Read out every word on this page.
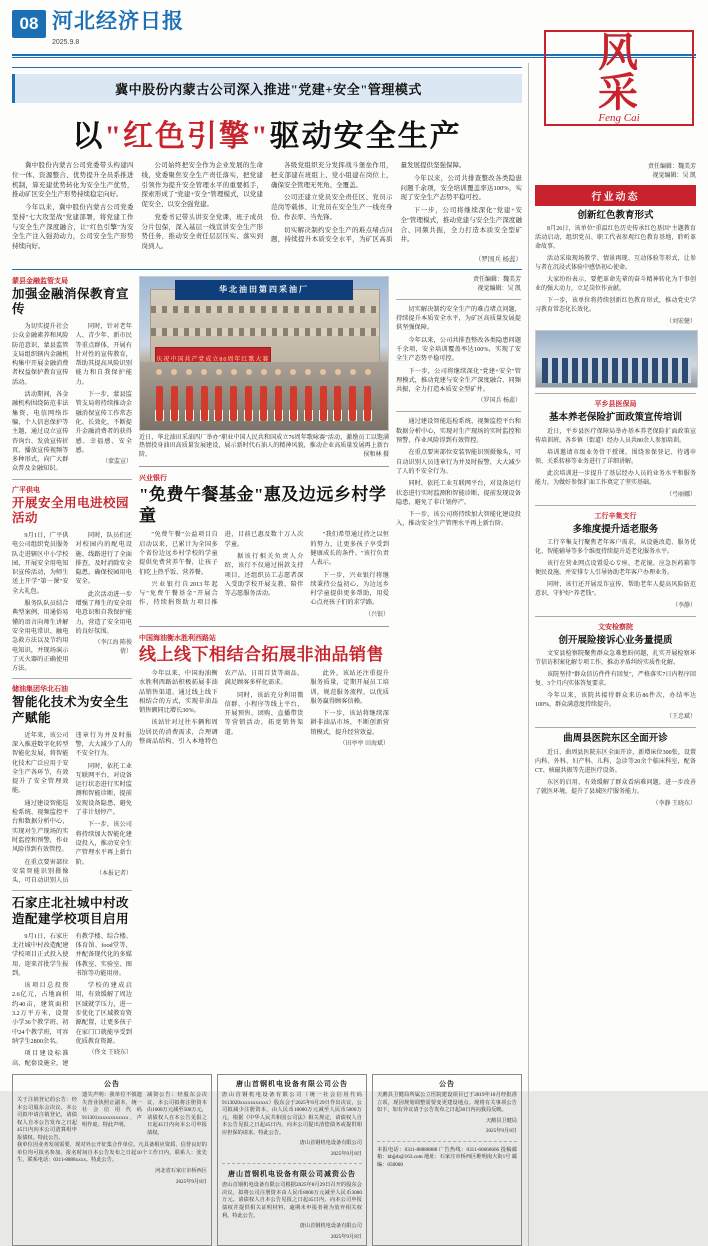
08 河北经济日报
2025.9.8	风
采
Feng Cai
冀中股份内蒙古公司深入推进"党建+安全"管理模式
以"红色引擎"驱动安全生产

冀中股份内蒙古公司党委带头构建四位一体、资源整合、优势提升全员系推进机制，算充建优势转化为安全生产优势，推动矿区安全生产形势持续稳定向好。

今年以来，冀中股份内蒙古公司党委坚持"七大攻坚战"党建部署，将党建工作与安全生产深度融合，让"红色引擎"为安全生产注入强劲动力，公司安全生产形势持续向好。

公司始终把安全作为企业发展的生命线，党委聚焦安全生产责任落实，把党建引领作为提升安全管理水平的重要抓手，探索形成了"党建+安全"管理模式，以党建促安全、以安全强党建。

党委书记带头讲安全党课，班子成员分片包保，深入基层一线宣讲安全生产形势任务，推动安全责任层层压实、落实到岗到人。

各级党组织充分发挥战斗堡垒作用，把支部建在班组上、党小组建在岗位上，确保安全管理无死角、全覆盖。

公司还建立党员安全责任区、党员示范岗等载体，让党员在安全生产一线亮身份、作表率、当先锋。

切实解决制约安全生产的难点堵点问题，持续提升本质安全水平，为矿区高质量发展提供坚强保障。

今年以来，公司共排查整改各类隐患问题千余项，安全培训覆盖率达100%，实现了安全生产态势平稳可控。

下一步，公司将继续深化"党建+安全"管理模式，推动党建与安全生产深度融合、同频共振，全力打造本质安全型矿井。

（罗国兵 杨蕊）
蒙县金融监管支局
加强金融消保教育宣传

为切实提升社会公众金融素养和风险防范意识，蒙县监管支局组织辖内金融机构集中开展金融消费者权益保护教育宣传活动。

活动期间，各金融机构围绕防范非法集资、电信网络诈骗、个人信息保护等主题，通过设立宣传咨询台、发放宣传折页、播放宣传视频等多种形式，向广大群众普及金融知识。

同时，针对老年人、青少年、新市民等重点群体，开展有针对性的宣传教育，帮助其提高风险识别能力和自我保护能力。

下一步，蒙县监管支局将持续推动金融消保宣传工作常态化、长效化，不断提升金融消费者的获得感、幸福感、安全感。

（蒙监宣）

广平供电
开展安全用电进校园活动

9月1日，广平供电公司组织党员服务队走进辖区中小学校园，开展安全用电知识宣传活动，为师生送上开学"第一课"安全大礼包。

服务队队员结合典型案例，用通俗易懂的语言向师生讲解安全用电常识、触电急救方法以及节约用电知识，并现场演示了灭火器的正确使用方法。

同时，队员们还对校园内的配电设施、线路进行了全面排查，及时消除安全隐患，确保校园用电安全。

此次活动进一步增强了师生的安全用电意识和自我保护能力，营造了安全用电的良好氛围。

（李江海 陈俊倩）

储油集团华北石油
智能化技术为安全生产赋能

近年来，该公司深入推进数字化转型智能化发展，将智能化技术广泛应用于安全生产各环节，有效提升了安全管理效能。

通过建设智能巡检系统、视频监控平台和数据分析中心，实现对生产现场的实时监控和预警，作业风险得到有效管控。

在重点要害部位安装智能识别摄像头，可自动识别人员违章行为并及时报警，大大减少了人的不安全行为。

同时，依托工业互联网平台，对设备运行状态进行实时监测和智能诊断，提前发现设备隐患，避免了非计划停产。

下一步，该公司将持续加大智能化建设投入，推动安全生产管理水平再上新台阶。

（本报记者）

石家庄北社城中村改造配建学校项目启用

9月1日，石家庄北社城中村改造配建学校项目正式投入使用，迎来首批学生报到。

该项目总投资2.6亿元，占地面积约40亩，建筑面积3.2万平方米，设置小学36个教学班、初中24个教学班，可容纳学生2800余名。

项目建设标准高、配套设施全，建有教学楼、综合楼、体育馆、food堂等，并配备现代化的多媒体教室、实验室、图书馆等功能用房。

学校的建成启用，有效缓解了周边区域就学压力，进一步优化了区域教育资源配置，让更多孩子在家门口就能享受到优质教育资源。

（佟文 王晓东）

华北油田第四采油厂
庆祝中国共产党成立80周年红歌大赛
近日，华北油田采油四厂举办"职业中国人民共和国成立76周年歌咏赛"活动，激励员工以饱满热情投身油田高质量发展建设，展示新时代石油人的精神风貌，推动企业高质量发展再上新台阶。	侯和林 摄
兴业银行
"免费午餐基金"惠及边远乡村学童

"免费午餐"公益项目自启动以来，已累计为全国多个省份边远乡村学校的学童提供免费营养午餐，让孩子们吃上热乎饭、营养餐。

兴业银行自2013年起与"免费午餐基金"开展合作，持续捐资助力项目推进，目前已惠及数十万人次学童。

据该行相关负责人介绍，该行不仅通过捐款支持项目，还组织员工志愿者深入受助学校开展支教、陪伴等志愿服务活动。

"我们希望通过持之以恒的努力，让更多孩子享受到健康成长的条件。"该行负责人表示。

下一步，兴业银行将继续秉持公益初心，为边远乡村学童提供更多帮助，用爱心点亮孩子们的求学路。

（兴银）

中国海油衡水胜利西路站
线上线下相结合拓展非油品销售

今年以来，中国海油衡水胜利西路站积极拓展非油品销售渠道，通过线上线下相结合的方式，实现非油品销售额同比增长30%。

该站针对过往车辆和周边居民的消费需求，合理调整商品结构，引入本地特色农产品、日用百货等商品，满足顾客多样化需求。

同时，该站充分利用微信群、小程序等线上平台，开展预售、团购、直播带货等营销活动，拓宽销售渠道。

此外，该站还注重提升服务质量，定期开展员工培训，规范服务流程，以优质服务赢得顾客信赖。

下一步，该站将继续深耕非油品市场，不断创新营销模式，提升经营效益。

（田亭亭 田海斌）

责任编辑：魏美芳
视觉编辑：吴 凯

切实解决制约安全生产的难点堵点问题，持续提升本质安全水平，为矿区高质量发展提供坚强保障。

今年以来，公司共排查整改各类隐患问题千余项，安全培训覆盖率达100%，实现了安全生产态势平稳可控。

下一步，公司将继续深化"党建+安全"管理模式，推动党建与安全生产深度融合、同频共振，全力打造本质安全型矿井。

（罗国兵 杨蕊）

通过建设智能巡检系统、视频监控平台和数据分析中心，实现对生产现场的实时监控和预警，作业风险得到有效管控。

在重点要害部位安装智能识别摄像头，可自动识别人员违章行为并及时报警，大大减少了人的不安全行为。

同时，依托工业互联网平台，对设备运行状态进行实时监测和智能诊断，提前发现设备隐患，避免了非计划停产。

下一步，该公司将持续加大智能化建设投入，推动安全生产管理水平再上新台阶。

公告

关于注销登记的公告：经本公司股东会决议，本公司拟申请注销登记，请债权人自本公告发布之日起45日内向本公司清算组申报债权。特此公告。

遗失声明：我单位不慎遗失营业执照正副本，统一社会信用代码911301xxxxxxxxxxxx，声明作废。特此声明。

减资公告：经股东会决议，本公司拟将注册资本由1000万元减至500万元，请债权人自本公告见报之日起45日内向本公司申报债权。

我单位因业务发展需要，现对外公开征集合作单位。凡具备相应资质、信誉良好的单位均可报名参加。报名时间自本公告发布之日起10个工作日内。联系人：张先生，联系电话：0311-8888xxxx。特此公告。
河北省石家庄市桥西区
2025年9月8日
唐山首钢机电设备有限公司公告
唐山首钢机电设备有限公司（统一社会信用代码9113020xxxxxxxxxxx）股东会于2025年8月29日作出决议，公司拟减少注册资本，由人民币10000万元减至人民币5000万元。根据《中华人民共和国公司法》相关规定，请债权人自本公告见报之日起45日内，向本公司提出清偿债务或提供相应担保的请求。特此公告。
唐山首钢机电设备有限公司
2025年9月8日
唐山首钢机电设备有限公司减资公告
唐山首钢机电设备有限公司根据2025年8月29日召开的股东会决议，拟将公司注册资本由人民币8000万元减至人民币3000万元。请债权人自本公告见报之日起45日内，向本公司申报债权并提供相关证明材料，逾期未申报者视为放弃相关权利。特此公告。
唐山首钢机电设备有限公司
2025年9月8日
公告
天鹅县卫健局所属公立医院建设项目已于2019年10月经批准立项，现因规划调整需要变更建设地点。现将有关事项公告如下，如有异议请于公告发布之日起30日内向我局反映。
天鹅县卫健局
2025年9月8日
本报电话：0311-88888888 广告热线：0311-66666666 投稿邮箱：hbjjrb@163.com 地址：石家庄市桥西区维明南大街1号 邮编：050000
责任编辑：魏美芳
视觉编辑：吴 凯
行业动态
创新红色教育形式

8月26日，该单位"重温红色历史传承红色基因"主题教育活动启动，组织党员、职工代表参观红色教育基地，聆听革命故事。

活动采取现场教学、情景再现、互动体验等形式，让参与者在沉浸式体验中感悟初心使命。

大家纷纷表示，要把革命先辈的奋斗精神转化为干事创业的强大动力，立足岗位作贡献。

下一步，该单位将持续创新红色教育形式，推动党史学习教育常态化长效化。

（刘宏健）

平乡县医保局
基本养老保险扩面政策宣传培训

近日，平乡县医疗保障局举办基本养老保险扩面政策宣传培训班，各乡镇（街道）经办人员共80余人参加培训。

培训邀请市级业务骨干授课，围绕参保登记、待遇申领、关系转移等业务进行了详细讲解。

此次培训进一步提升了基层经办人员的业务水平和服务能力，为做好参保扩面工作奠定了坚实基础。

（弓丽娜）

工行辛集支行
多维度提升适老服务

工行辛集支行聚焦老年客户需求，从设施改造、服务优化、智能辅导等多个维度持续提升适老化服务水平。

该行在营业网点设置爱心专座、老花镜、应急医药箱等便民设施，并安排专人引导协助老年客户办理业务。

同时，该行还开展反诈宣传，帮助老年人提高风险防范意识，守护好"养老钱"。

（李静）

文安检察院
创开展险接诉心业务量提质

文安县检察院聚焦群众急难愁盼问题，扎实开展检察环节信访积案化解专项工作，推动矛盾纠纷实质性化解。

该院坚持"群众信访件件有回复"，严格落实7日内程序回复、3个月内实体答复要求。

今年以来，该院共接待群众来访86件次，办结率达100%，群众满意度持续提升。

（王忠斌）

曲周县医院东区全面开诊

近日，曲周县医院东区全面开诊，新增床位300张，设置内科、外科、妇产科、儿科、急诊等20余个临床科室，配备CT、核磁共振等先进医疗设备。

东区的启用，有效缓解了群众看病难问题，进一步改善了就医环境，提升了县域医疗服务能力。

（李静 王晓东）
